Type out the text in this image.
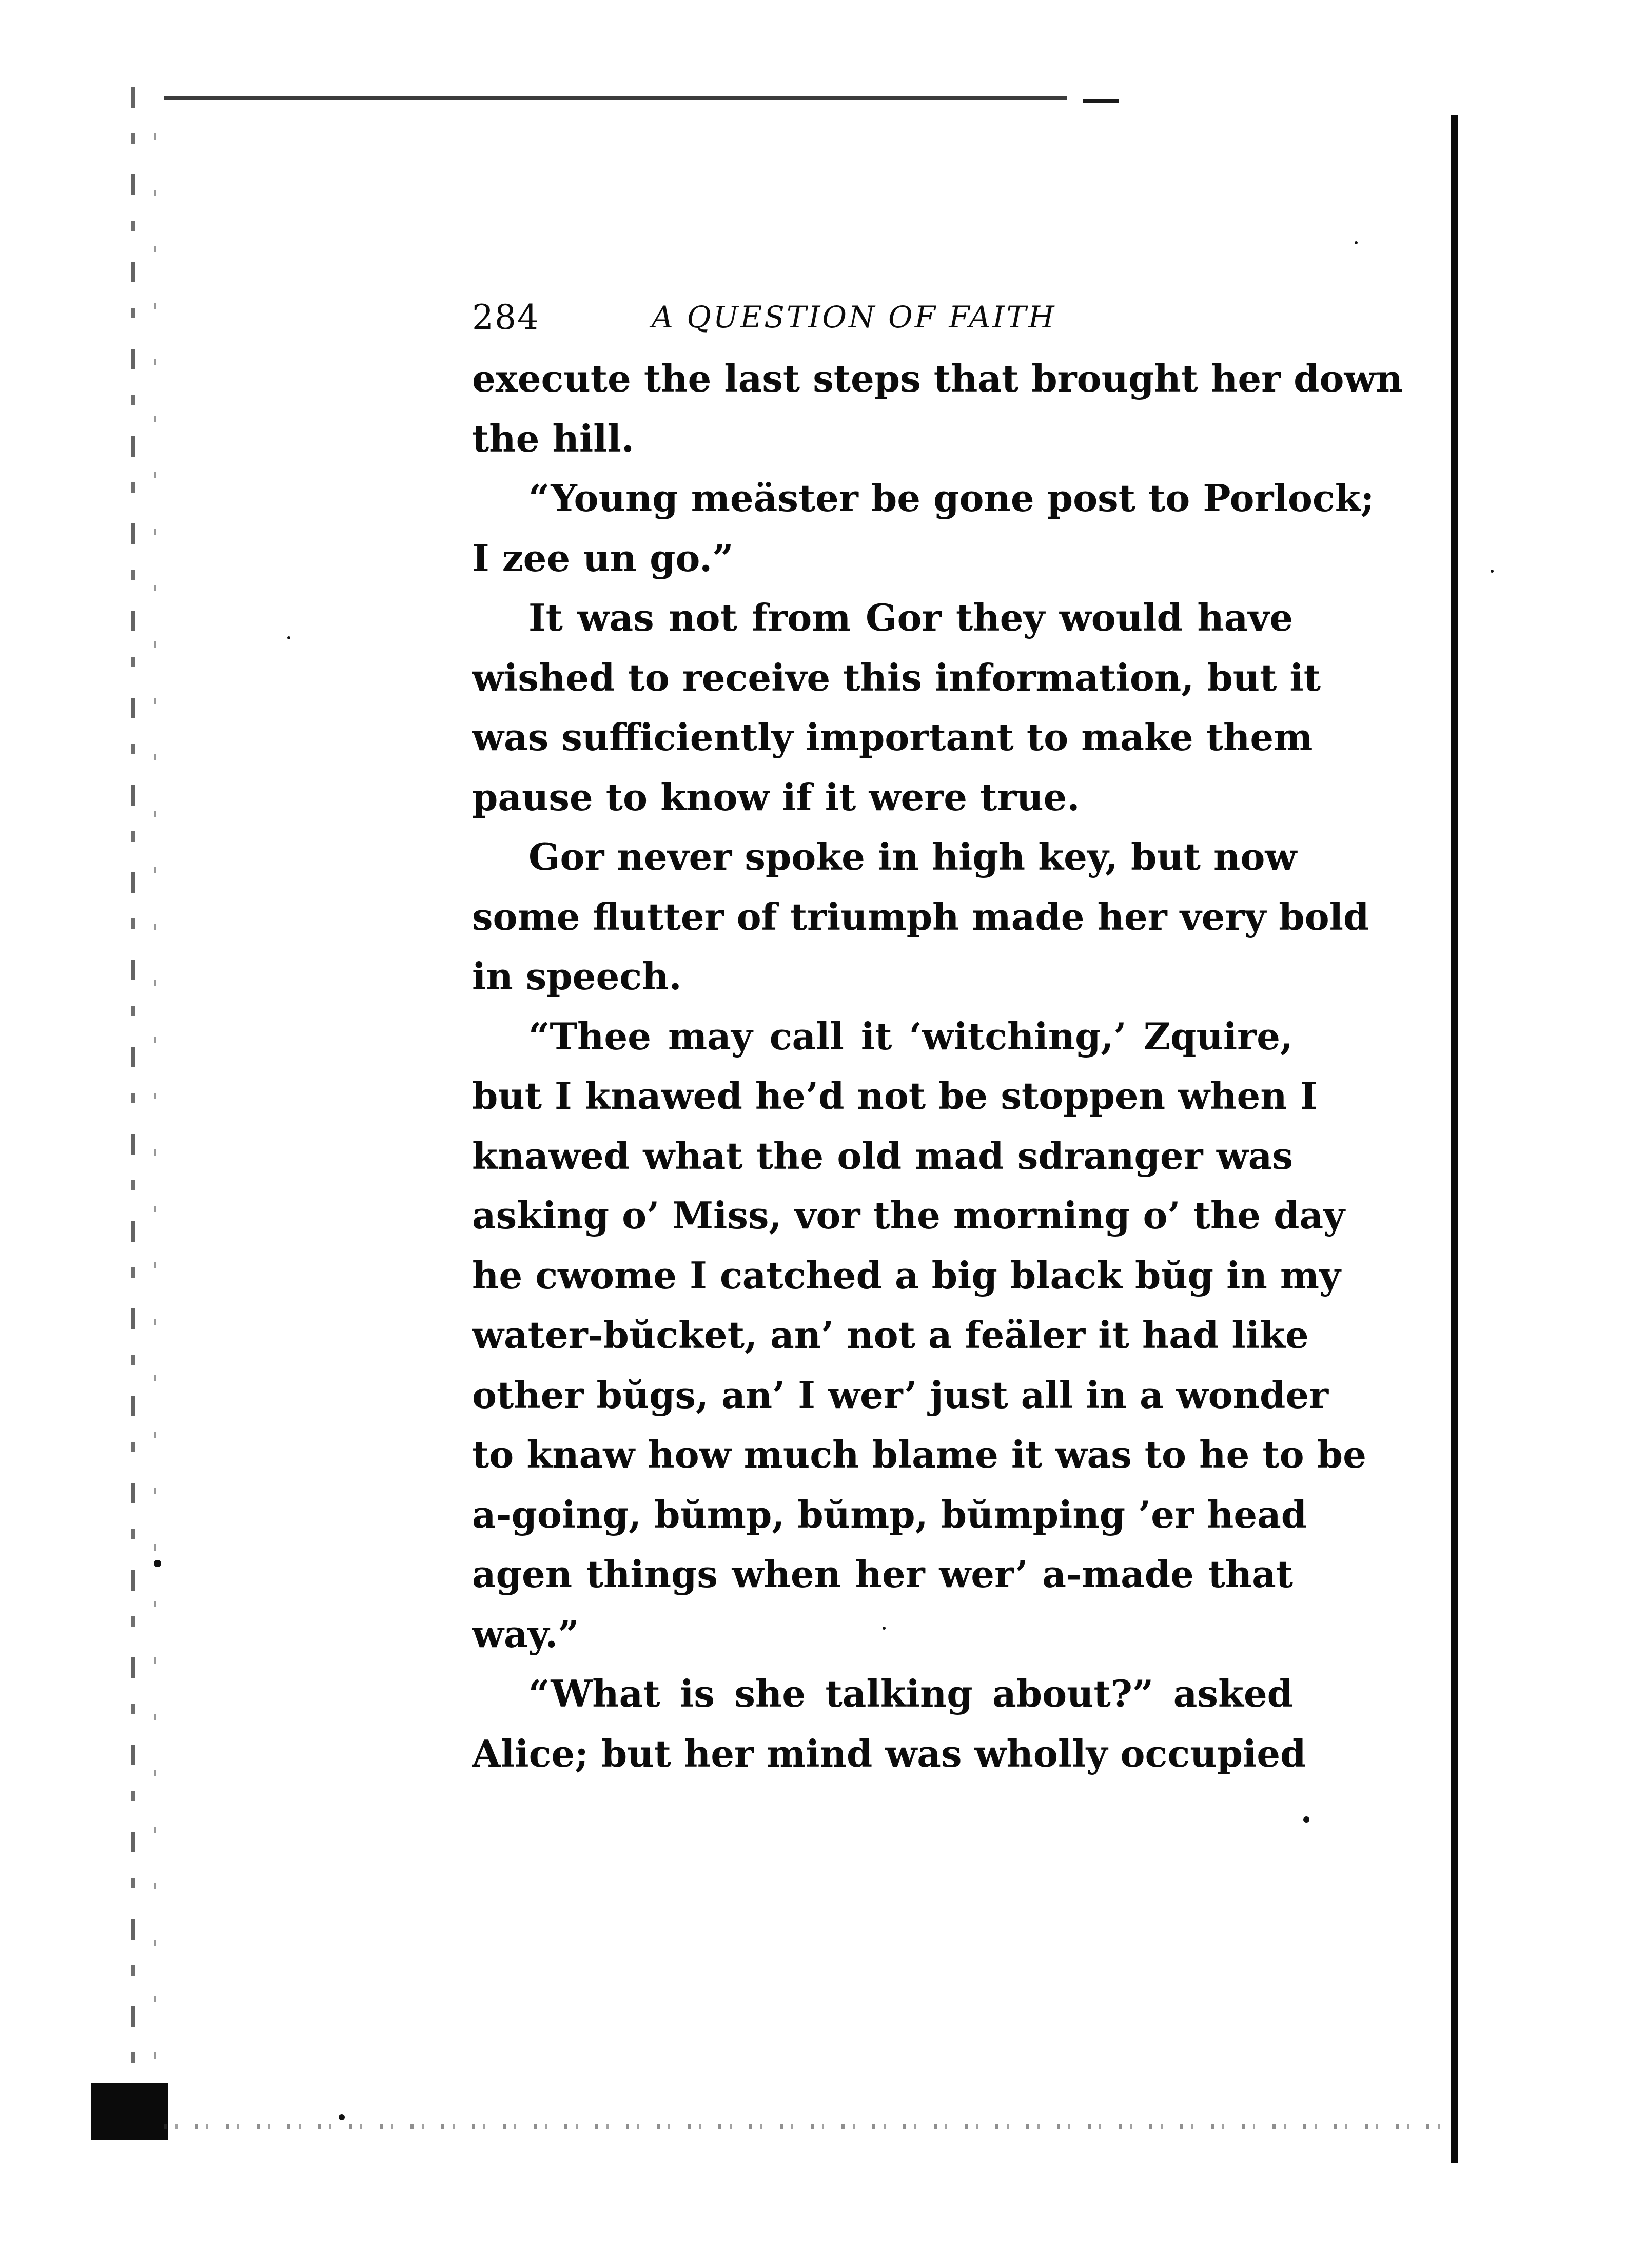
284	A QUESTION OF FAITH
execute the last steps that brought her down
the hill.
“Young meäster be gone post to Porlock;
I zee un go.”
It was not from Gor they would have
wished to receive this information, but it
was sufficiently important to make them
pause to know if it were true.
Gor never spoke in high key, but now
some flutter of triumph made her very bold
in speech.
“Thee may call it ‘witching,’ Zquire,
but I knawed he’d not be stoppen when I
knawed what the old mad sdranger was
asking o’ Miss, vor the morning o’ the day
he cwome I catched a big black bŭg in my
water-bŭcket, an’ not a feäler it had like
other bŭgs, an’ I wer’ just all in a wonder
to knaw how much blame it was to he to be
a-going, bŭmp, bŭmp, bŭmping ’er head
agen things when her wer’ a-made that
way.”
“What is she talking about?” asked
Alice; but her mind was wholly occupied
